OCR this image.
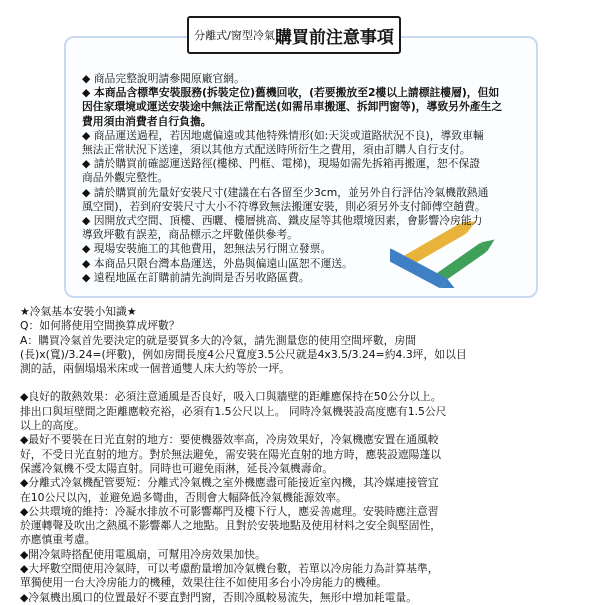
分離式/窗型冷氣 購買前注意事項

◆ 商品完整說明請參閱原廠官網。

◆ 本商品含標準安裝服務(拆裝定位)舊機回收，(若要搬放至2樓以上請標註樓層)，但如

因住家環境或運送安裝途中無法正常配送(如需吊車搬運、拆卸門窗等)，導致另外產生之

費用須由消費者自行負擔。

◆ 商品運送過程，若因地處偏遠或其他特殊情形(如:天災或道路狀況不良)，導致車輛

無法正常狀況下送達，須以其他方式配送時所衍生之費用，須由訂購人自行支付。

◆ 請於購買前確認運送路徑(樓梯、門框、電梯)，現場如需先拆箱再搬運，恕不保證

商品外觀完整性。

◆ 請於購買前先量好安裝尺寸(建議在右各留至少3cm，並另外自行評估冷氣機散熱通

風空間)，若到府安裝尺寸大小不符導致無法搬運安裝，則必須另外支付師傅空趟費。

◆ 因開放式空間、頂樓、西曬、樓層挑高、鐵皮屋等其他環境因素，會影響冷房能力

導致坪數有誤差，商品標示之坪數僅供參考。

◆ 現場安裝施工的其他費用，恕無法另行開立發票。

◆ 本商品只限台灣本島運送，外島與偏遠山區恕不運送。

◆ 遠程地區在訂購前請先詢問是否另收路區費。

★冷氣基本安裝小知識★

Q：如何將使用空間換算成坪數？

A：購買冷氣首先要決定的就是要買多大的冷氣，請先測量您的使用空間坪數，房間

(長)x(寬)/3.24=(坪數)，例如房間長度4公尺寬度3.5公尺就是4x3.5/3.24=約4.3坪，如以目

測的話，兩個塌塌米床或一個普通雙人床大約等於一坪。

◆良好的散熱效果：必須注意通風是否良好，吸入口與牆壁的距離應保持在50公分以上。

排出口與垣壁間之距離應較充裕，必須有1.5公尺以上。 同時冷氣機裝設高度應有1.5公尺

以上的高度。

◆最好不要裝在日光直射的地方：要使機器效率高，冷房效果好，冷氣機應安置在通風較

好，不受日光直射的地方。對於無法避免，需安裝在陽光直射的地方時，應裝設遮陽蓬以

保護冷氣機不受太陽直射。同時也可避免雨淋，延長冷氣機壽命。

◆分離式冷氣機配管要短：分離式冷氣機之室外機應盡可能接近室內機，其冷媒連接管宜

在10公尺以內，並避免過多彎曲，否則會大幅降低冷氣機能源效率。

◆公共環境的維持：冷凝水排放不可影響鄰門及樓下行人，應妥善處理。安裝時應注意習

於運轉聲及吹出之熱風不影響鄰人之地點。且對於安裝地點及使用材料之安全與堅固性，

亦應慎重考慮。

◆開冷氣時搭配使用電風扇，可幫用冷房效果加快。

◆大坪數空間使用冷氣時，可以考慮酌量增加冷氣機台數，若單以冷房能力為計算基準，

單獨使用一台大冷房能力的機種，效果往往不如使用多台小冷房能力的機種。

◆冷氣機出風口的位置最好不要直對門窗，否則冷風較易流失，無形中增加耗電量。
